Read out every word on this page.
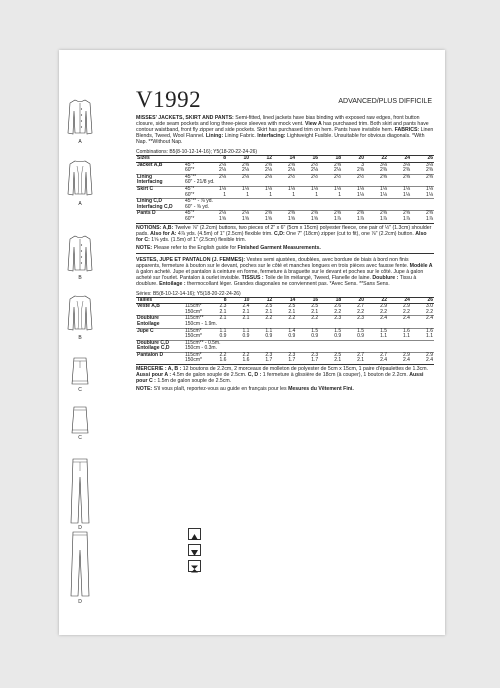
A
A
B
B
C
C
D
D
V1992	ADVANCED/PLUS DIFFICILE
MISSES' JACKETS, SKIRT AND PANTS: Semi-fitted, lined jackets have bias binding with exposed raw edges, front button closure, side seam pockets and long three-piece sleeves with mock vent. View A has purchased trim. Both skirt and pants have contour waistband, front fly zipper and side pockets. Skirt has purchased trim on hem. Pants have invisible hem. FABRICS: Linen Blends, Tweed, Wool Flannel. Lining: Lining Fabric. Interfacing: Lightweight Fusible. Unsuitable for obvious diagonals. *With Nap. **Without Nap.
Combinations: B5(8-10-12-14-16); Y5(18-20-22-24-26)
Sizes		8	10	12	14	16	18	20	22	24	26
Jacket A,B	45"*	2⅛	2⅜	2⅜	2⅜	2½	2⅝	3	3⅛	3⅛	3⅛
	60"*	2⅛	2⅛	2⅛	2⅛	2⅛	2⅛	2⅜	2⅜	2⅜	2⅜
Lining	45"**	2⅛	2⅛	2⅛	2½	2½	2½	2½	2⅝	2⅝	2⅝
Interfacing	60" - 21/8 yd.										
Skirt C	45"*	1⅛	1⅛	1⅛	1⅛	1⅛	1⅛	1⅛	1⅛	1⅛	1⅛
	60"*	1	1	1	1	1	1	1⅛	1⅛	1⅛	1⅛
Lining C,D	45"** - ⅞ yd.										
Interfacing C,D	60" - ⅜ yd.										
Pants D	45"*	2⅛	2⅛	2⅜	2⅜	2⅜	2⅜	2⅜	2⅜	2⅝	2⅝
	60"*	1⅝	1⅝	1⅝	1⅝	1⅝	1⅞	1⅞	1⅞	1⅞	1⅞
NOTIONS: A,B: Twelve ⅞" (2.2cm) buttons, two pieces of 2" x 6" (5cm x 15cm) polyester fleece, one pair of ½" (1.3cm) shoulder pads. Also for A: 4⅞ yds. (4.5m) of 1" (2.5cm) flexible trim. C,D: One 7" (18cm) zipper (cut to fit), one ⅞" (2.2cm) button. Also for C: 1⅝ yds. (1.5m) of 1" (2.5cm) flexible trim.
NOTE: Please refer to the English guide for Finished Garment Measurements.
VESTES, JUPE ET PANTALON (J. FEMMES): Vestes semi ajustées, doublées, avec bordure de biais à bord non finis apparents, fermeture à bouton sur le devant, poches sur le côté et manches longues en trois pièces avec fausse fente. Modèle A à galon acheté. Jupe et pantalon à ceinture en forme, fermeture à braguette sur le devant et poches sur le côté. Jupe à galon acheté sur l'ourlet. Pantalon à ourlet invisible. TISSUS : Toile de lin mélangé, Tweed, Flanelle de laine. Doublure : Tissu à doublure. Entoilage : thermocollant léger. Grandes diagonales ne conviennent pas. *Avec Sens. **Sans Sens.
Séries: B5(8-10-12-14-16); Y5(18-20-22-24-26)
Tailles		8	10	12	14	16	18	20	22	24	26
Veste A,B	115cm*	2.3	2.4	2.5	2.5	2.5	2.6	2.7	2.9	2.9	3.0
	150cm*	2.1	2.1	2.1	2.1	2.1	2.2	2.2	2.2	2.2	2.2
Doublure	115cm**	2.1	2.1	2.2	2.2	2.2	2.3	2.3	2.4	2.4	2.4
Entoilage	150cm - 1.9m.										
Jupe C	115cm*	1.1	1.1	1.1	1.4	1.5	1.5	1.5	1.5	1.6	1.6
	150cm*	0.9	0.9	0.9	0.9	0.9	0.9	0.9	1.1	1.1	1.1
Doublure C,D	115cm** - 0.5m.										
Entoilage C,D	150cm - 0.3m.										
Pantalon D	115cm*	2.2	2.2	2.3	2.3	2.3	2.5	2.7	2.7	2.9	2.9
	150cm*	1.6	1.6	1.7	1.7	1.7	2.1	2.1	2.4	2.4	2.4
MERCERIE : A, B : 12 boutons de 2.2cm, 2 morceaux de molleton de polyester de 5cm x 15cm, 1 paire d'épaulettes de 1.3cm. Aussi pour A : 4.5m de galon souple de 2.5cm. C, D : 1 fermeture à glissière de 18cm (à couper), 1 bouton de 2.2cm. Aussi pour C : 1.5m de galon souple de 2.5cm.
NOTE: S'il vous plaît, reportez-vous au guide en français pour les Mesures du Vêtement Fini.
